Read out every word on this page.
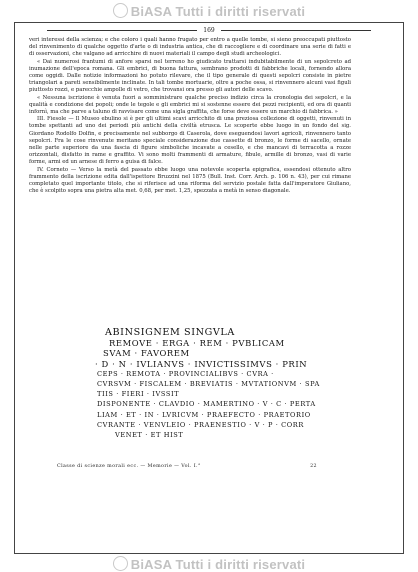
BiASA Tutti i diritti riservati
169

veri interessi della scienza; e che coloro i quali hanno frugato per entro a quelle tombe, si sieno preoccupati piuttosto del rinvenimento di qualche oggetto d'arte o di industria antica, che di raccogliere e di coordinare una serie di fatti e di osservazioni, che valgano ad arricchire di nuovi materiali il campo degli studi archeologici.

« Dai numerosi frantumi di anfore sparsi nel terreno ho giudicato trattarsi indubitabilmente di un sepolcreto ad inumazione dell'epoca romana. Gli embrici, di buona fattura, sembrano prodotti di fabbriche locali, fornendo allora come oggidi. Dalle notizie informazioni ho potuto rilevare, che il tipo generale di questi sepolcri consiste in pietre triangolari a pareti sensibilmente inclinate. In tali tombe mortuarie, oltre a poche ossa, si rinvennero alcuni vasi figuli piuttosto rozzi, e parecchie ampolle di vetro, che trovansi ora presso gli autori delle scavo.

« Nessuna iscrizione è venuta fuori a somministrare qualche preciso indizio circa la cronologia dei sepolcri, e la qualità e condizione dei popoli; onde le tegole e gli embrici mi si sostenne essere dei pezzi recipienti, ed ora di quanti infornì, ma che parve a taluno di ravvisare come una sigla graffita, che forse deve essere un marchio di fabbrica. »

III. Fiesole — Il Museo ebulino si è per gli ultimi scavi arricchito di una preziosa collezione di oggetti, rinvenuti in tombe spettanti ad uno dei periodi più antichi della civiltà etrusca. Le scoperte ebbe luogo in un fondo del sig. Giordano Rodolfo Dolfin, e precisamente nel subborgo di Caserola, dove eseguendosi lavori agricoli, rinvennero tanto sepolcri. Fra le cose rinvenute meritano speciale considerazione due cassette di bronzo, le forme di sacello, ornate nelle parte superiore da una fascia di figure simboliche incavate a cesello, e che mancavi di terracotta a rozze orizzontali, disfatto in rame e graffito. Vi sono molti frammenti di armature, fibule, armille di bronzo, vasi di varie forme, armi ed un arnese di ferro a guisa di falce.

IV. Corneto — Verso la metà del passato ebbe luogo una notevole scoperta epigrafica, essendosi ottenuto altro frammento della iscrizione edita dall'ispettore Bruzzini nel 1875 (Bull. Inst. Corr. Arch. p. 106 n. 43), per cui rimane completato quel importante titolo, che si riferisce ad una riforma del servizio postale fatta dall'imperatore Giuliano, che è scolpito sopra una pietra alta met. 0,68, per met. 1,25, spezzata a metà in senso diagonale.

ABINSIGNEM SINGVLA
REMOVE · ERGA · REM · PVBLICAM
SVAM · FAVOREM
· D · N · IVLIANVS · INVICTISSIMVS · PRIN
CEPS · REMOTA · PROVINCIALIBVS · CVRA ·
CVRSVM · FISCALEM · BREVIATIS · MVTATIONVM · SPA
TIIS · FIERI · IVSSIT
DISPONENTE · CLAVDIO · MAMERTINO · V · C · PERTA
LIAM · ET · IN · LVRICVM · PRAEFECTO · PRAETORIO
CVRANTE · VENVLEIO · PRAENESTIO · V · P · CORR
VENET · ET HIST
Classe di scienze morali ecc. — Memorie — Vol. I.°	22
BiASA Tutti i diritti riservati
